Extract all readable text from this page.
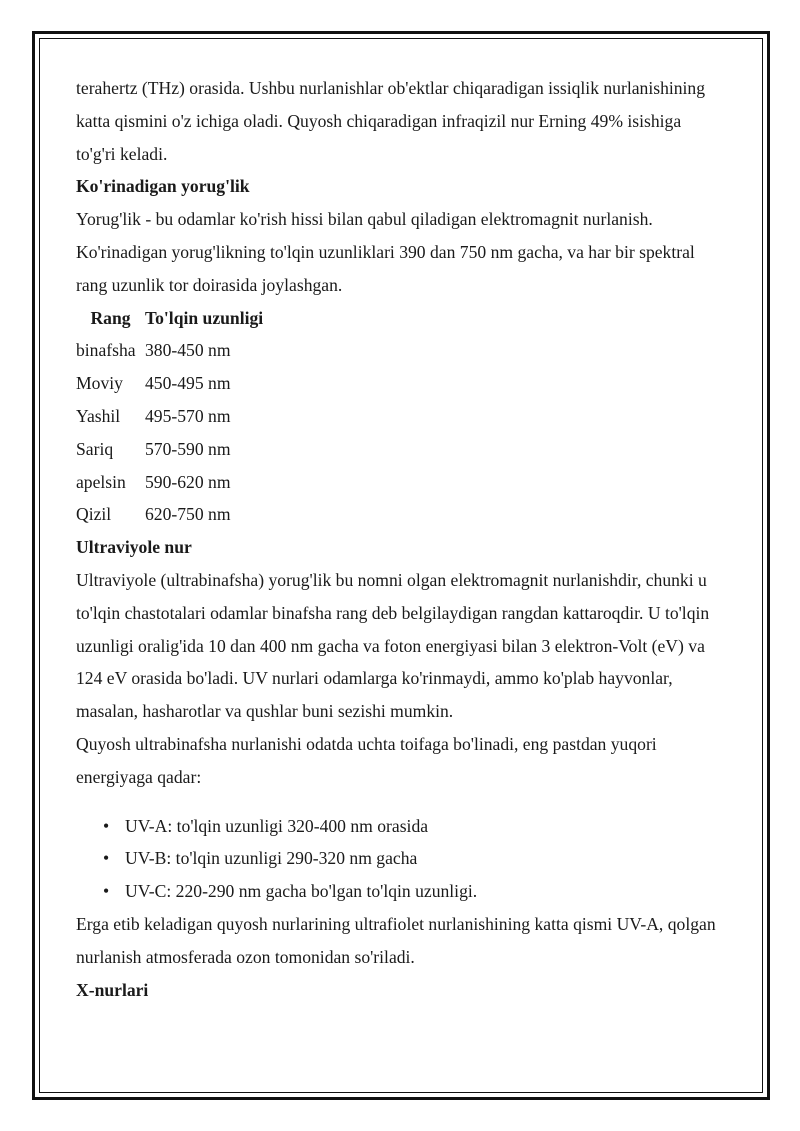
terahertz (THz) orasida. Ushbu nurlanishlar ob'ektlar chiqaradigan issiqlik nurlanishining katta qismini o'z ichiga oladi. Quyosh chiqaradigan infraqizil nur Erning 49% isishiga to'g'ri keladi.

Ko'rinadigan yorug'lik

Yorug'lik - bu odamlar ko'rish hissi bilan qabul qiladigan elektromagnit nurlanish. Ko'rinadigan yorug'likning to'lqin uzunliklari 390 dan 750 nm gacha, va har bir spektral rang uzunlik tor doirasida joylashgan.

Rang	To'lqin uzunligi
binafsha	380-450 nm
Moviy	450-495 nm
Yashil	495-570 nm
Sariq	570-590 nm
apelsin	590-620 nm
Qizil	620-750 nm

Ultraviyole nur

Ultraviyole (ultrabinafsha) yorug'lik bu nomni olgan elektromagnit nurlanishdir, chunki u to'lqin chastotalari odamlar binafsha rang deb belgilaydigan rangdan kattaroqdir. U to'lqin uzunligi oralig'ida 10 dan 400 nm gacha va foton energiyasi bilan 3 elektron-Volt (eV) va 124 eV orasida bo'ladi. UV nurlari odamlarga ko'rinmaydi, ammo ko'plab hayvonlar, masalan, hasharotlar va qushlar buni sezishi mumkin.

Quyosh ultrabinafsha nurlanishi odatda uchta toifaga bo'linadi, eng pastdan yuqori energiyaga qadar:

• UV-A: to'lqin uzunligi 320-400 nm orasida
• UV-B: to'lqin uzunligi 290-320 nm gacha
• UV-C: 220-290 nm gacha bo'lgan to'lqin uzunligi.

Erga etib keladigan quyosh nurlarining ultrafiolet nurlanishining katta qismi UV-A, qolgan nurlanish atmosferada ozon tomonidan so'riladi.

X-nurlari
